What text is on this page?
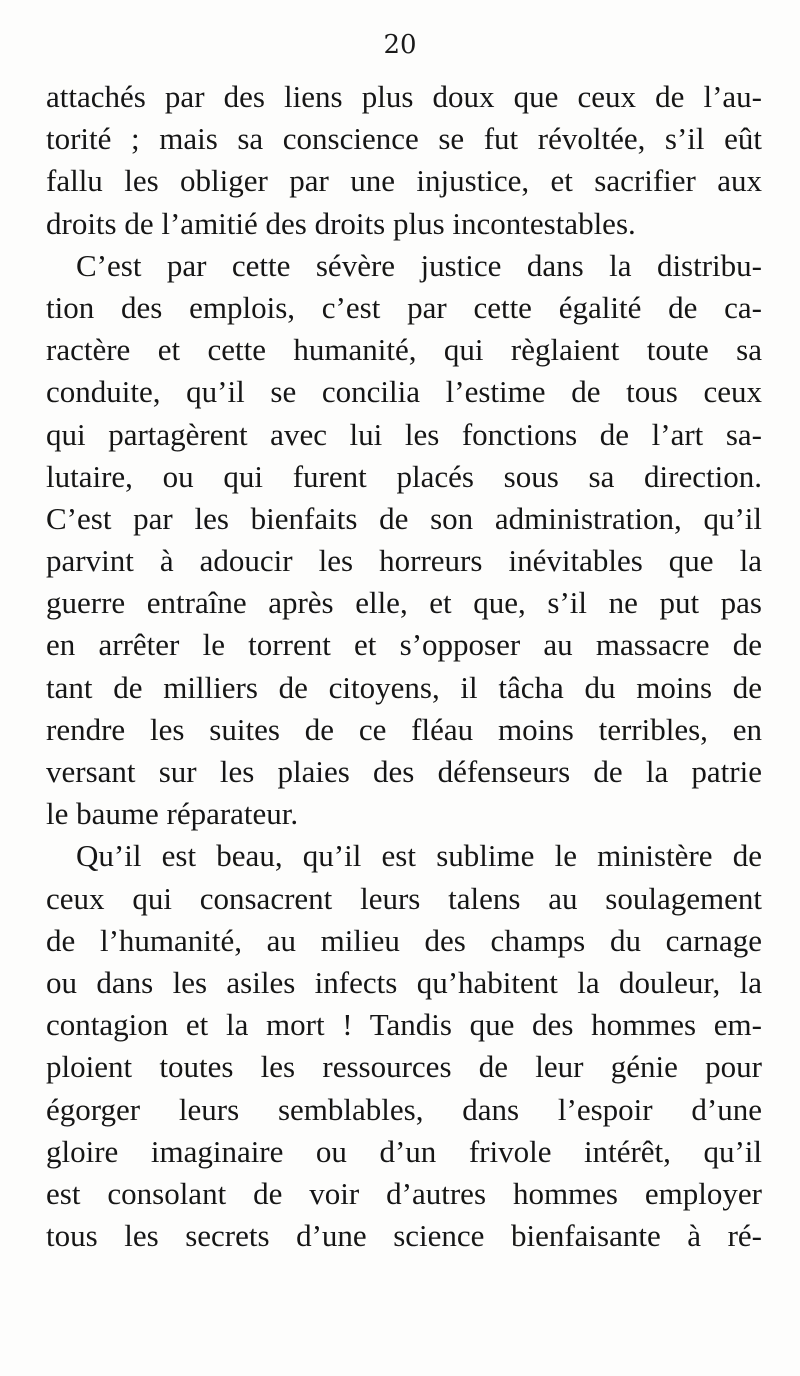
20
attachés par des liens plus doux que ceux de l’au-
torité ; mais sa conscience se fut révoltée, s’il eût
fallu les obliger par une injustice, et sacrifier aux
droits de l’amitié des droits plus incontestables.
C’est par cette sévère justice dans la distribu-
tion des emplois, c’est par cette égalité de ca-
ractère et cette humanité, qui règlaient toute sa
conduite, qu’il se concilia l’estime de tous ceux
qui partagèrent avec lui les fonctions de l’art sa-
lutaire, ou qui furent placés sous sa direction.
C’est par les bienfaits de son administration, qu’il
parvint à adoucir les horreurs inévitables que la
guerre entraîne après elle, et que, s’il ne put pas
en arrêter le torrent et s’opposer au massacre de
tant de milliers de citoyens, il tâcha du moins de
rendre les suites de ce fléau moins terribles, en
versant sur les plaies des défenseurs de la patrie
le baume réparateur.
Qu’il est beau, qu’il est sublime le ministère de
ceux qui consacrent leurs talens au soulagement
de l’humanité, au milieu des champs du carnage
ou dans les asiles infects qu’habitent la douleur, la
contagion et la mort ! Tandis que des hommes em-
ploient toutes les ressources de leur génie pour
égorger leurs semblables, dans l’espoir d’une
gloire imaginaire ou d’un frivole intérêt, qu’il
est consolant de voir d’autres hommes employer
tous les secrets d’une science bienfaisante à ré-
